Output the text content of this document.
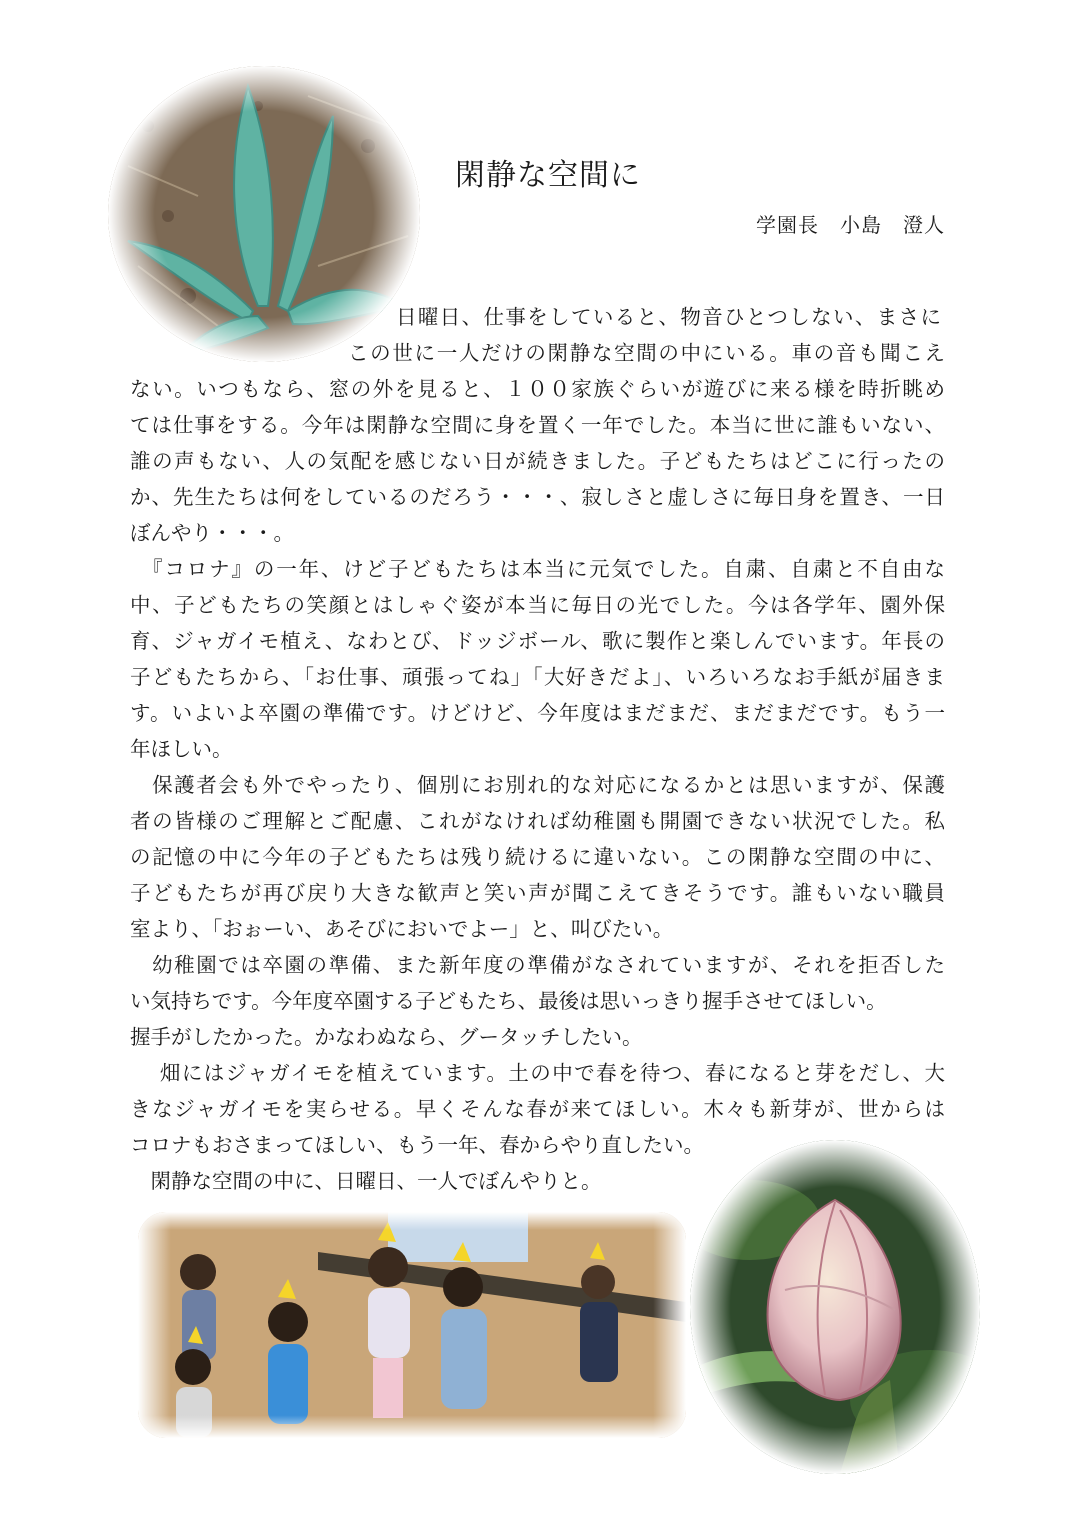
閑静な空間に
学園長　小島　澄人
日曜日、仕事をしていると、物音ひとつしない、まさに
この世に一人だけの閑静な空間の中にいる。車の音も聞こえ
ない。いつもなら、窓の外を見ると、１００家族ぐらいが遊びに来る様を時折眺め
ては仕事をする。今年は閑静な空間に身を置く一年でした。本当に世に誰もいない、
誰の声もない、人の気配を感じない日が続きました。子どもたちはどこに行ったの
か、先生たちは何をしているのだろう・・・、寂しさと虚しさに毎日身を置き、一日
ぼんやり・・・。
　『コロナ』の一年、けど子どもたちは本当に元気でした。自粛、自粛と不自由な
中、子どもたちの笑顔とはしゃぐ姿が本当に毎日の光でした。今は各学年、園外保
育、ジャガイモ植え、なわとび、ドッジボール、歌に製作と楽しんでいます。年長の
子どもたちから、「お仕事、頑張ってね」「大好きだよ」、いろいろなお手紙が届きま
す。いよいよ卒園の準備です。けどけど、今年度はまだまだ、まだまだです。もう一
年ほしい。
　保護者会も外でやったり、個別にお別れ的な対応になるかとは思いますが、保護
者の皆様のご理解とご配慮、これがなければ幼稚園も開園できない状況でした。私
の記憶の中に今年の子どもたちは残り続けるに違いない。この閑静な空間の中に、
子どもたちが再び戻り大きな歓声と笑い声が聞こえてきそうです。誰もいない職員
室より、「おぉーい、あそびにおいでよー」と、叫びたい。
　幼稚園では卒園の準備、また新年度の準備がなされていますが、それを拒否した
い気持ちです。今年度卒園する子どもたち、最後は思いっきり握手させてほしい。
握手がしたかった。かなわぬなら、グータッチしたい。
　 畑にはジャガイモを植えています。土の中で春を待つ、春になると芽をだし、大
きなジャガイモを実らせる。早くそんな春が来てほしい。木々も新芽が、世からは
コロナもおさまってほしい、もう一年、春からやり直したい。
　閑静な空間の中に、日曜日、一人でぼんやりと。
